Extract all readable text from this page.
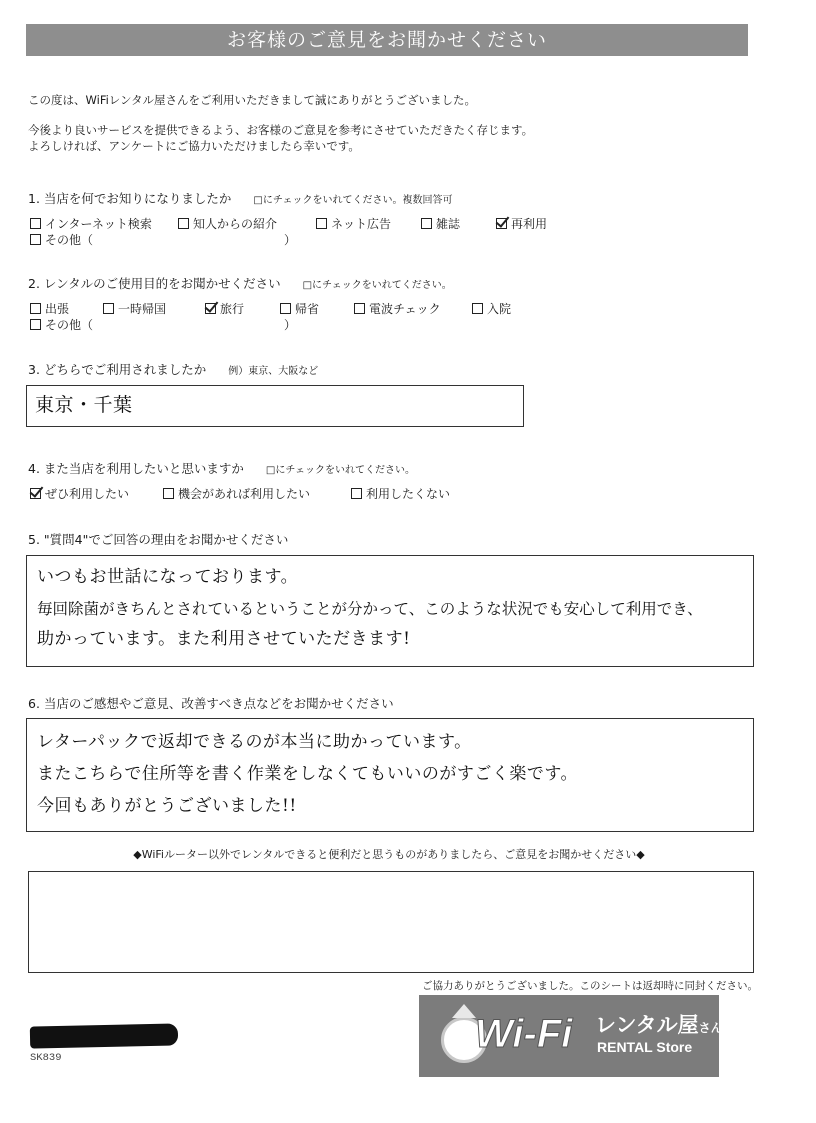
お客様のご意見をお聞かせください
この度は、WiFiレンタル屋さんをご利用いただきまして誠にありがとうございました。
今後より良いサービスを提供できるよう、お客様のご意見を参考にさせていただきたく存じます。
よろしければ、アンケートにご協力いただけましたら幸いです。
1. 当店を何でお知りになりましたか □にチェックをいれてください。複数回答可
インターネット検索	知人からの紹介	ネット広告	雑誌	再利用
その他（	）
2. レンタルのご使用目的をお聞かせください □にチェックをいれてください。
出張	一時帰国	旅行	帰省	電波チェック	入院
その他（	）
3. どちらでご利用されましたか 例）東京、大阪など
東京・千葉
4. また当店を利用したいと思いますか □にチェックをいれてください。
ぜひ利用したい	機会があれば利用したい	利用したくない
5. "質問4"でご回答の理由をお聞かせください
いつもお世話になっております。
毎回除菌がきちんとされているということが分かって、このような状況でも安心して利用でき、
助かっています。また利用させていただきます!
6. 当店のご感想やご意見、改善すべき点などをお聞かせください
レターパックで返却できるのが本当に助かっています。
またこちらで住所等を書く作業をしなくてもいいのがすごく楽です。
今回もありがとうございました!!
◆WiFiルーター以外でレンタルできると便利だと思うものがありましたら、ご意見をお聞かせください◆
ご協力ありがとうございました。このシートは返却時に同封ください。
Wi-Fi レンタル屋さん
RENTAL Store
SK839
